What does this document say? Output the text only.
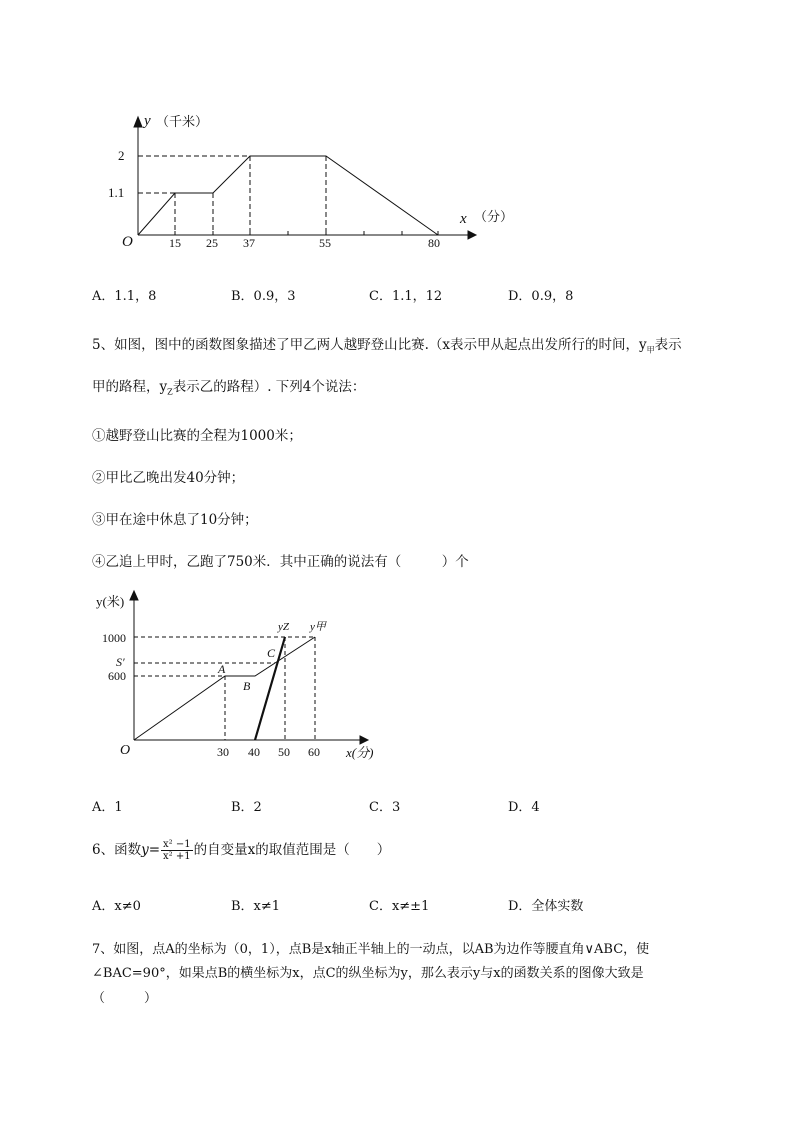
y （千米）
x （分）
O
2
1.1
15 25 37	55	80
A．1.1，8	B．0.9，3	C．1.1，12	D．0.9，8
5、如图，图中的函数图象描述了甲乙两人越野登山比赛.（x表示甲从起点出发所行的时间，$y_甲$表示
甲的路程，$y_Z$表示乙的路程）. 下列4个说法：
①越野登山比赛的全程为1000米；
②甲比乙晚出发40分钟；
③甲在途中休息了10分钟；
④乙追上甲时，乙跑了750米．其中正确的说法有（　　　）个
y(米)
1000
S′
600
O	30 40 50 60 x(分)
A
B
C
yZ y甲
A．1	B．2	C．3	D．4
6、函数$y= \frac{\text{x² −1}}{\text{x² +1}}$ 的自变量x的取值范围是（　　）
A．x≠0	B．x≠1	C．x≠±1	D．全体实数
7、如图，点A的坐标为（0，1），点B是x轴正半轴上的一动点，以AB为边作等腰直角∨ABC，使
∠BAC=90°，如果点B的横坐标为x，点C的纵坐标为y，那么表示y与x的函数关系的图像大致是
（　　　）
